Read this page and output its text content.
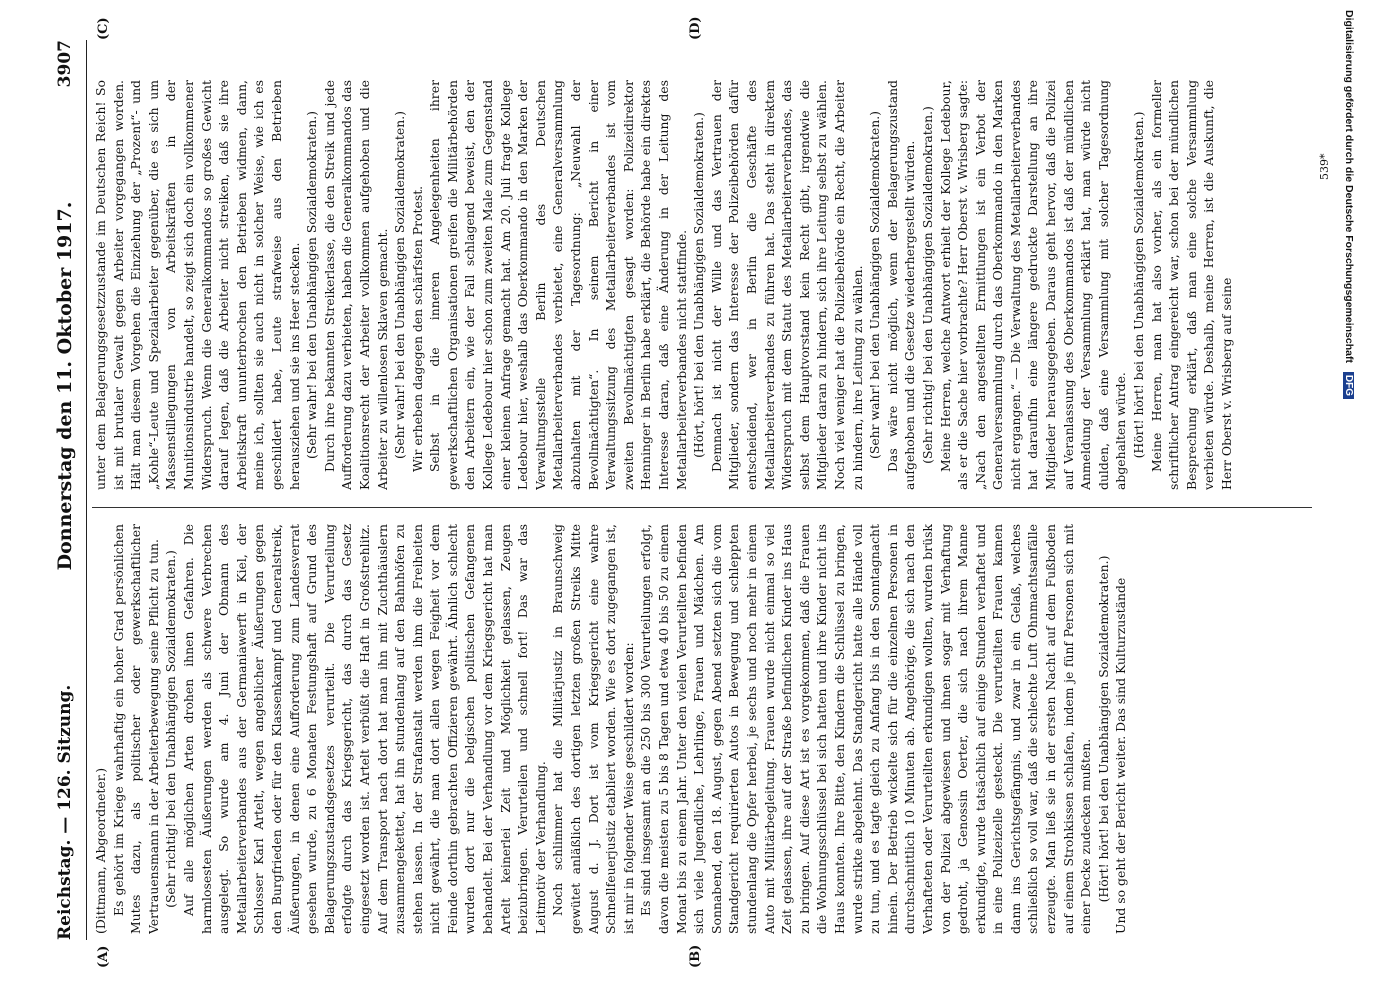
Reichstag. — 126. Sitzung.
Donnerstag den 11. Oktober 1917.
3907
(A)	(B)
(C)	(D)

(Dittmann, Abgeordneter.) Es gehört im Kriege wahrhaftig ein hoher Grad persönlichen Mutes dazu, als politischer oder gewerkschaftlicher Vertrauensmann in der Arbeiterbewegung seine Pflicht zu tun. (Sehr richtig! bei den Unabhängigen Sozialdemokraten.) Auf alle möglichen Arten drohen ihnen Gefahren. Die harmlosesten Äußerungen werden als schwere Verbrechen ausgelegt. So wurde am 4. Juni der Obmann des Metallarbeiterverbandes aus der Germaniawerft in Kiel, der Schlosser Karl Artelt, wegen angeblicher Äußerungen gegen den Burgfrieden oder für den Klassenkampf und Generalstreik, Äußerungen, in denen eine Aufforderung zum Landesverrat gesehen wurde, zu 6 Monaten Festungshaft auf Grund des Belagerungszustandsgesetzes verurteilt. Die Verurteilung erfolgte durch das Kriegsgericht, das durch das Gesetz eingesetzt worden ist. Artelt verbüßt die Haft in Großstrehlitz. Auf dem Transport nach dort hat man ihn mit Zuchthäuslern zusammengekettet, hat ihn stundenlang auf den Bahnhöfen zu stehen lassen. In der Strafanstalt werden ihm die Freiheiten nicht gewährt, die man dort allen wegen Feigheit vor dem Feinde dorthin gebrachten Offizieren gewährt. Ähnlich schlecht wurden dort nur die belgischen politischen Gefangenen behandelt. Bei der Verhandlung vor dem Kriegsgericht hat man Artelt keinerlei Zeit und Möglichkeit gelassen, Zeugen beizubringen. Verurteilen und schnell fort! Das war das Leitmotiv der Verhandlung. Noch schlimmer hat die Militärjustiz in Braunschweig gewütet anläßlich des dortigen letzten großen Streiks Mitte August d. J. Dort ist vom Kriegsgericht eine wahre Schnellfeuerjustiz etabliert worden. Wie es dort zugegangen ist, ist mir in folgender Weise geschildert worden: Es sind insgesamt an die 250 bis 300 Verurteilungen erfolgt, davon die meisten zu 5 bis 8 Tagen und etwa 40 bis 50 zu einem Monat bis zu einem Jahr. Unter den vielen Verurteilten befinden sich viele Jugendliche, Lehrlinge, Frauen und Mädchen. Am Sonnabend, den 18. August, gegen Abend setzten sich die vom Standgericht requirierten Autos in Bewegung und schleppten stundenlang die Opfer herbei, je sechs und noch mehr in einem Auto mit Militärbegleitung. Frauen wurde nicht einmal so viel Zeit gelassen, ihre auf der Straße befindlichen Kinder ins Haus zu bringen. Auf diese Art ist es vorgekommen, daß die Frauen die Wohnungsschlüssel bei sich hatten und ihre Kinder nicht ins Haus konnten. Ihre Bitte, den Kindern die Schlüssel zu bringen, wurde strikte abgelehnt. Das Standgericht hatte alle Hände voll zu tun, und es tagte gleich zu Anfang bis in den Sonntagnacht hinein. Der Betrieb wickelte sich für die einzelnen Personen in durchschnittlich 10 Minuten ab. Angehörige, die sich nach den Verhafteten oder Verurteilten erkundigen wollten, wurden brüsk von der Polizei abgewiesen und ihnen sogar mit Verhaftung gedroht, ja Genossin Oerter, die sich nach ihrem Manne erkundigte, wurde tatsächlich auf einige Stunden verhaftet und in eine Polizeizelle gesteckt. Die verurteilten Frauen kamen dann ins Gerichtsgefängnis, und zwar in ein Gelaß, welches schließlich so voll war, daß die schlechte Luft Ohnmachtsanfälle erzeugte. Man ließ sie in der ersten Nacht auf dem Fußboden auf einem Strohkissen schlafen, indem je fünf Personen sich mit einer Decke zudecken mußten. (Hört! hört! bei den Unabhängigen Sozialdemokraten.) Und so geht der Bericht weiter. Das sind Kulturzustände

unter dem Belagerungsgesetzzustande im Deutschen Reich! So ist mit brutaler Gewalt gegen Arbeiter vorgegangen worden. Hält man diesem Vorgehen die Einziehung der „Prozent“- und „Kohle“-Leute und Spezialarbeiter gegenüber, die es sich um Massenstillegungen von Arbeitskräften in der Munitionsindustrie handelt, so zeigt sich doch ein vollkommener Widerspruch. Wenn die Generalkommandos so großes Gewicht darauf legen, daß die Arbeiter nicht streiken, daß sie ihre Arbeitskraft ununterbrochen den Betrieben widmen, dann, meine ich, sollten sie auch nicht in solcher Weise, wie ich es geschildert habe, Leute strafweise aus den Betrieben herausziehen und sie ins Heer stecken. (Sehr wahr! bei den Unabhängigen Sozialdemokraten.) Durch ihre bekannten Streikerlasse, die den Streik und jede Aufforderung dazu verbieten, haben die Generalkommandos das Koalitionsrecht der Arbeiter vollkommen aufgehoben und die Arbeiter zu willenlosen Sklaven gemacht. (Sehr wahr! bei den Unabhängigen Sozialdemokraten.) Wir erheben dagegen den schärfsten Protest. Selbst in die inneren Angelegenheiten ihrer gewerkschaftlichen Organisationen greifen die Militärbehörden den Arbeitern ein, wie der Fall schlagend beweist, den der Kollege Ledebour hier schon zum zweiten Male zum Gegenstand einer kleinen Anfrage gemacht hat. Am 20. Juli fragte Kollege Ledebour hier, weshalb das Oberkommando in den Marken der Verwaltungsstelle Berlin des Deutschen Metallarbeiterverbandes verbietet, eine Generalversammlung abzuhalten mit der Tagesordnung: „Neuwahl der Bevollmächtigten“. In seinem Bericht in einer Verwaltungssitzung des Metallarbeiterverbandes ist vom zweiten Bevollmächtigten gesagt worden: Polizeidirektor Henninger in Berlin habe erklärt, die Behörde habe ein direktes Interesse daran, daß eine Änderung in der Leitung des Metallarbeiterverbandes nicht stattfinde. (Hört, hört! bei den Unabhängigen Sozialdemokraten.) Demnach ist nicht der Wille und das Vertrauen der Mitglieder, sondern das Interesse der Polizeibehörden dafür entscheidend, wer in Berlin die Geschäfte des Metallarbeiterverbandes zu führen hat. Das steht in direktem Widerspruch mit dem Statut des Metallarbeiterverbandes, das selbst dem Hauptvorstand kein Recht gibt, irgendwie die Mitglieder daran zu hindern, sich ihre Leitung selbst zu wählen. Noch viel weniger hat die Polizeibehörde ein Recht, die Arbeiter zu hindern, ihre Leitung zu wählen. (Sehr wahr! bei den Unabhängigen Sozialdemokraten.) Das wäre nicht möglich, wenn der Belagerungszustand aufgehoben und die Gesetze wiederhergestellt würden. (Sehr richtig! bei den Unabhängigen Sozialdemokraten.) Meine Herren, welche Antwort erhielt der Kollege Ledebour, als er die Sache hier vorbrachte? Herr Oberst v. Wrisberg sagte: „Nach den angestellten Ermittlungen ist ein Verbot der Generalversammlung durch das Oberkommando in den Marken nicht ergangen.“ — Die Verwaltung des Metallarbeiterverbandes hat daraufhin eine längere gedruckte Darstellung an ihre Mitglieder herausgegeben. Daraus geht hervor, daß die Polizei auf Veranlassung des Oberkommandos ist daß der mündlichen Anmeldung der Versammlung erklärt hat, man würde nicht dulden, daß eine Versammlung mit solcher Tagesordnung abgehalten würde. (Hört! hört! bei den Unabhängigen Sozialdemokraten.) Meine Herren, man hat also vorher, als ein formeller schriftlicher Antrag eingereicht war, schon bei der mündlichen Besprechung erklärt, daß man eine solche Versammlung verbieten würde. Deshalb, meine Herren, ist die Auskunft, die Herr Oberst v. Wrisberg auf seine

539*	Digitalisierung gefördert durch die Deutsche Forschungsgemeinschaft DFG
